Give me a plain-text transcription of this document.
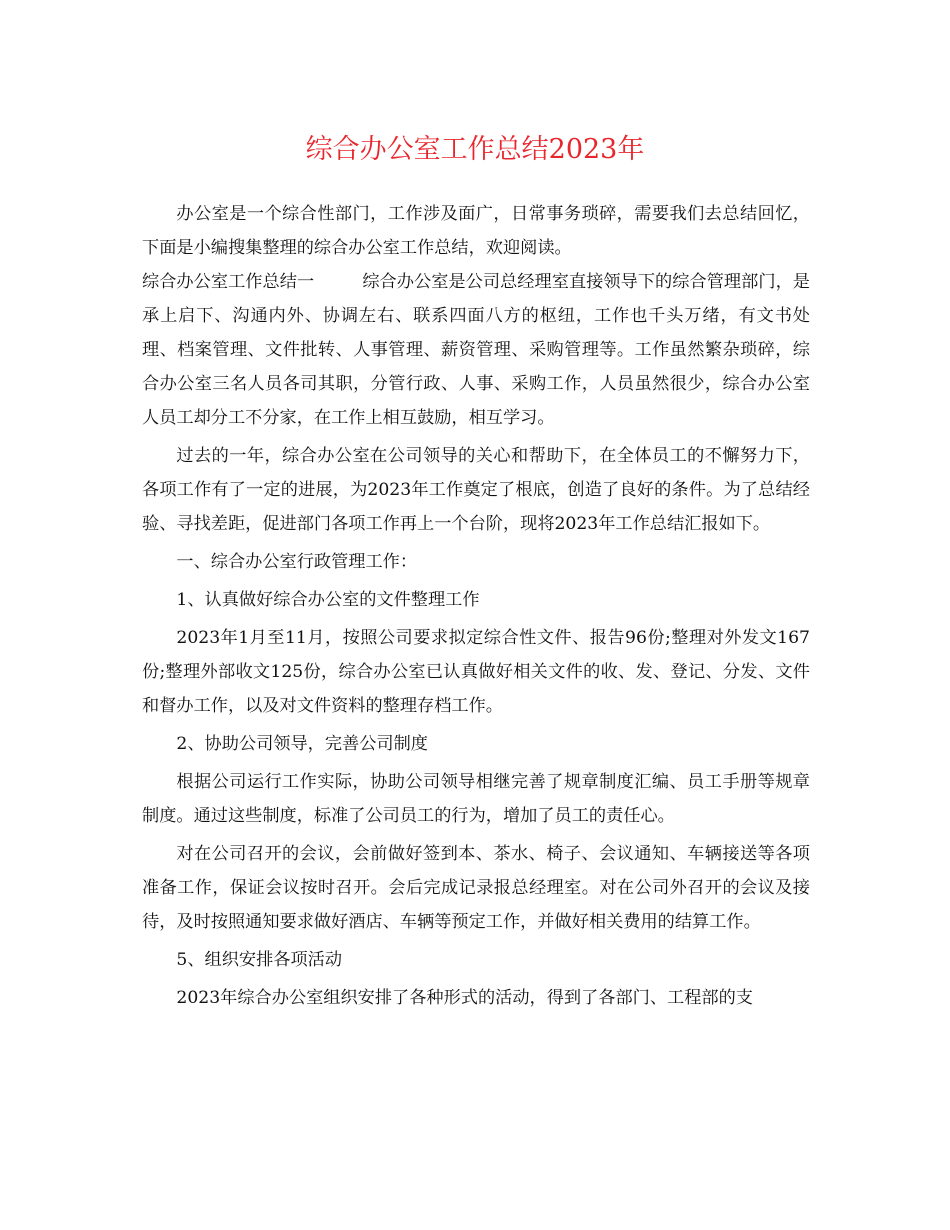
综合办公室工作总结2023年

办公室是一个综合性部门，工作涉及面广，日常事务琐碎，需要我们去总结回忆，下面是小编搜集整理的综合办公室工作总结，欢迎阅读。

综合办公室工作总结一	综合办公室是公司总经理室直接领导下的综合管理部门，是承上启下、沟通内外、协调左右、联系四面八方的枢纽，工作也千头万绪，有文书处理、档案管理、文件批转、人事管理、薪资管理、采购管理等。工作虽然繁杂琐碎，综合办公室三名人员各司其职，分管行政、人事、采购工作，人员虽然很少，综合办公室人员工却分工不分家，在工作上相互鼓励，相互学习。

过去的一年，综合办公室在公司领导的关心和帮助下，在全体员工的不懈努力下，各项工作有了一定的进展，为2023年工作奠定了根底，创造了良好的条件。为了总结经验、寻找差距，促进部门各项工作再上一个台阶，现将2023年工作总结汇报如下。

一、综合办公室行政管理工作：

1、认真做好综合办公室的文件整理工作

2023年1月至11月，按照公司要求拟定综合性文件、报告96份;整理对外发文167份;整理外部收文125份，综合办公室已认真做好相关文件的收、发、登记、分发、文件和督办工作，以及对文件资料的整理存档工作。

2、协助公司领导，完善公司制度

根据公司运行工作实际，协助公司领导相继完善了规章制度汇编、员工手册等规章制度。通过这些制度，标准了公司员工的行为，增加了员工的责任心。

对在公司召开的会议，会前做好签到本、茶水、椅子、会议通知、车辆接送等各项准备工作，保证会议按时召开。会后完成记录报总经理室。对在公司外召开的会议及接待，及时按照通知要求做好酒店、车辆等预定工作，并做好相关费用的结算工作。

5、组织安排各项活动

2023年综合办公室组织安排了各种形式的活动，得到了各部门、工程部的支
